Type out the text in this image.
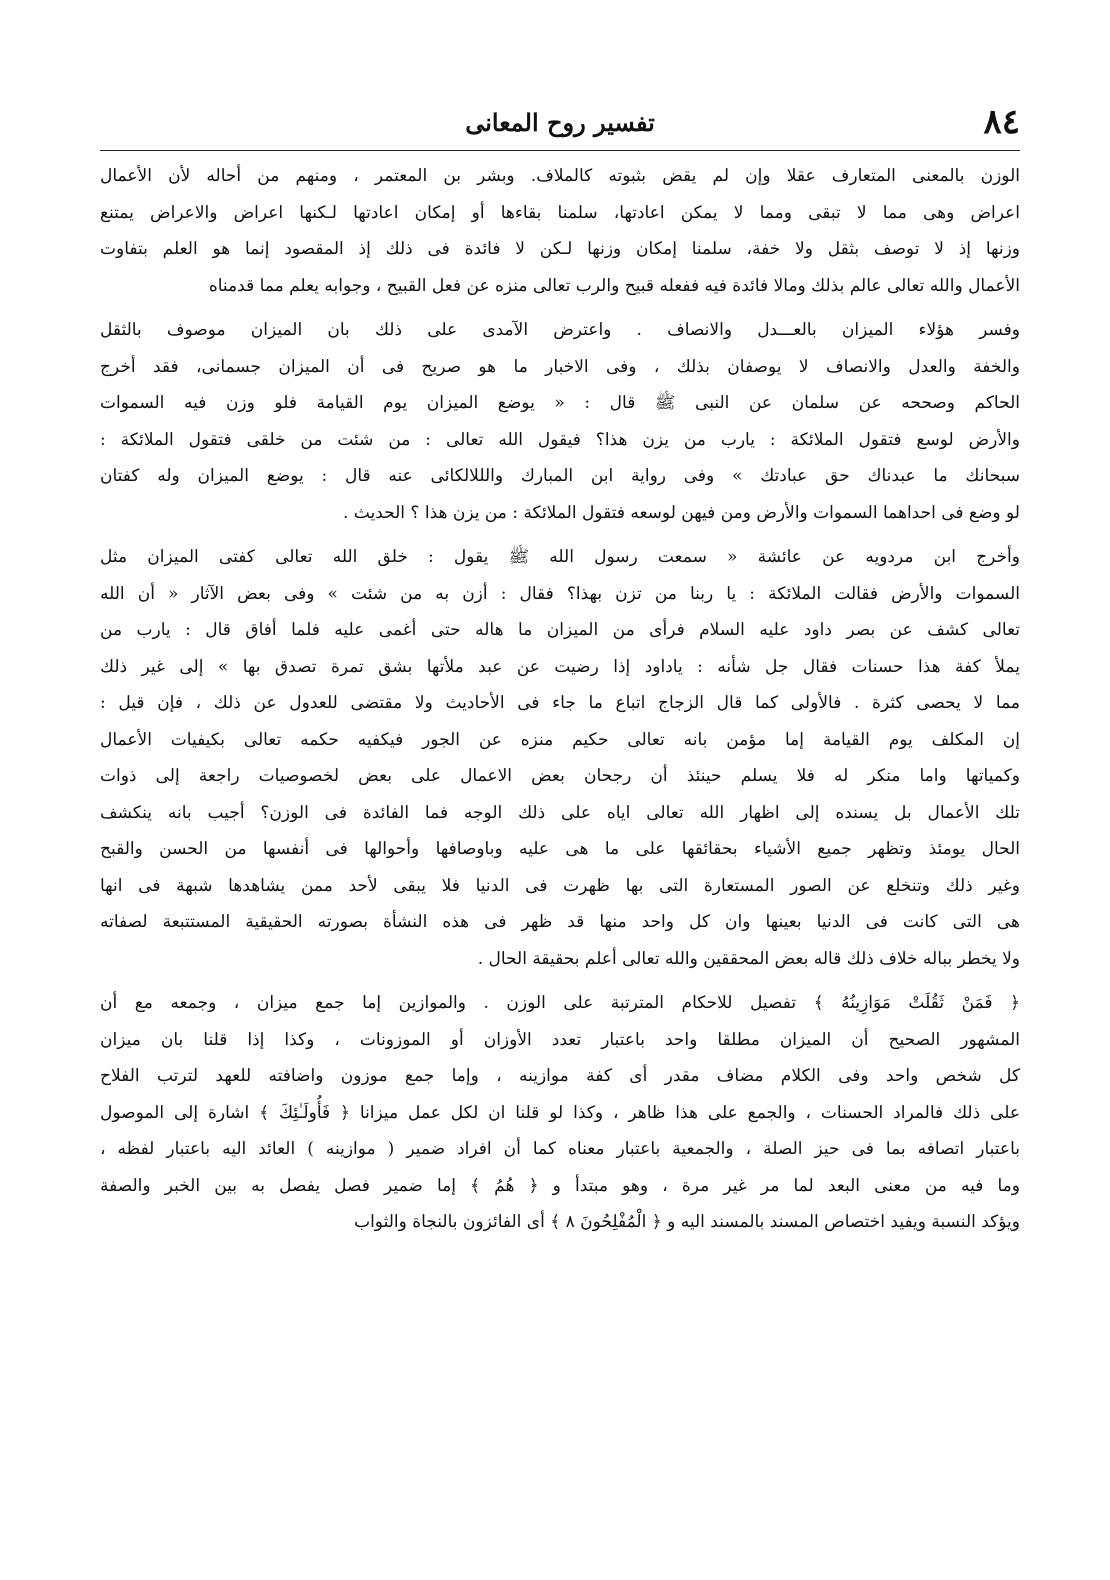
٨٤
تفسير روح المعانى
الوزن بالمعنى المتعارف عقلا وإن لم يقض بثبوته كالملاف. وبشر بن المعتمر ، ومنهم من أحاله لأن الأعمال
اعراض وهى مما لا تبقى ومما لا يمكن اعادتها، سلمنا بقاءها أو إمكان اعادتها لـكنها اعراض والاعراض يمتنع
وزنها إذ لا توصف بثقل ولا خفة، سلمنا إمكان وزنها لـكن لا فائدة فى ذلك إذ المقصود إنما هو العلم بتفاوت
الأعمال والله تعالى عالم بذلك ومالا فائدة فيه ففعله قبيح والرب تعالى منزه عن فعل القبيح ، وجوابه يعلم مما قدمناه
وفسر هؤلاء الميزان بالعـــدل والانصاف . واعترض الآمدى على ذلك بان الميزان موصوف بالثقل
والخفة والعدل والانصاف لا يوصفان بذلك ، وفى الاخبار ما هو صريح فى أن الميزان جسمانى، فقد أخرج
الحاكم وصححه عن سلمان عن النبى ﷺ قال : « يوضع الميزان يوم القيامة فلو وزن فيه السموات
والأرض لوسع فتقول الملائكة : يارب من يزن هذا؟ فيقول الله تعالى : من شئت من خلقى فتقول الملائكة :
سبحانك ما عبدناك حق عبادتك » وفى رواية ابن المبارك والللالكائى عنه قال : يوضع الميزان وله كفتان
لو وضع فى احداهما السموات والأرض ومن فيهن لوسعه فتقول الملائكة : من يزن هذا ؟ الحديث .
وأخرج ابن مردويه عن عائشة « سمعت رسول الله ﷺ يقول : خلق الله تعالى كفتى الميزان مثل
السموات والأرض فقالت الملائكة : يا ربنا من تزن بهذا؟ فقال : أزن به من شئت » وفى بعض الآثار « أن الله
تعالى كشف عن بصر داود عليه السلام فرأى من الميزان ما هاله حتى أغمى عليه فلما أفاق قال : يارب من
يملأ كفة هذا حسنات فقال جل شأنه : ياداود إذا رضيت عن عبد ملأتها بشق تمرة تصدق بها » إلى غير ذلك
مما لا يحصى كثرة . فالأولى كما قال الزجاج اتباع ما جاء فى الأحاديث ولا مقتضى للعدول عن ذلك ، فإن قيل :
إن المكلف يوم القيامة إما مؤمن بانه تعالى حكيم منزه عن الجور فيكفيه حكمه تعالى بكيفيات الأعمال
وكمياتها واما منكر له فلا يسلم حينئذ أن رجحان بعض الاعمال على بعض لخصوصيات راجعة إلى ذوات
تلك الأعمال بل يسنده إلى اظهار الله تعالى اياه على ذلك الوجه فما الفائدة فى الوزن؟ أجيب بانه ينكشف
الحال يومئذ وتظهر جميع الأشياء بحقائقها على ما هى عليه وباوصافها وأحوالها فى أنفسها من الحسن والقبح
وغير ذلك وتنخلع عن الصور المستعارة التى بها ظهرت فى الدنيا فلا يبقى لأحد ممن يشاهدها شبهة فى انها
هى التى كانت فى الدنيا بعينها وان كل واحد منها قد ظهر فى هذه النشأة بصورته الحقيقية المستتبعة لصفاته
ولا يخطر بباله خلاف ذلك قاله بعض المحققين والله تعالى أعلم بحقيقة الحال .
﴿ فَمَنْ ثَقُلَتْ مَوَازِينُهُ ﴾ تفصيل للاحكام المترتبة على الوزن . والموازين إما جمع ميزان ، وجمعه مع أن
المشهور الصحيح أن الميزان مطلقا واحد باعتبار تعدد الأوزان أو الموزونات ، وكذا إذا قلنا بان ميزان
كل شخص واحد وفى الكلام مضاف مقدر أى كفة موازينه ، وإما جمع موزون واضافته للعهد لترتب الفلاح
على ذلك فالمراد الحسنات ، والجمع على هذا ظاهر ، وكذا لو قلنا ان لكل عمل ميزانا ﴿ فَأُولَـٰئِكَ ﴾ اشارة إلى الموصول
باعتبار اتصافه بما فى حيز الصلة ، والجمعية باعتبار معناه كما أن افراد ضمير ( موازينه ) العائد اليه باعتبار لفظه ،
وما فيه من معنى البعد لما مر غير مرة ، وهو مبتدأ و ﴿ هُمُ ﴾ إما ضمير فصل يفصل به بين الخبر والصفة
ويؤكد النسبة ويفيد اختصاص المسند بالمسند اليه و ﴿ الْمُفْلِحُونَ ٨ ﴾ أى الفائزون بالنجاة والثواب
